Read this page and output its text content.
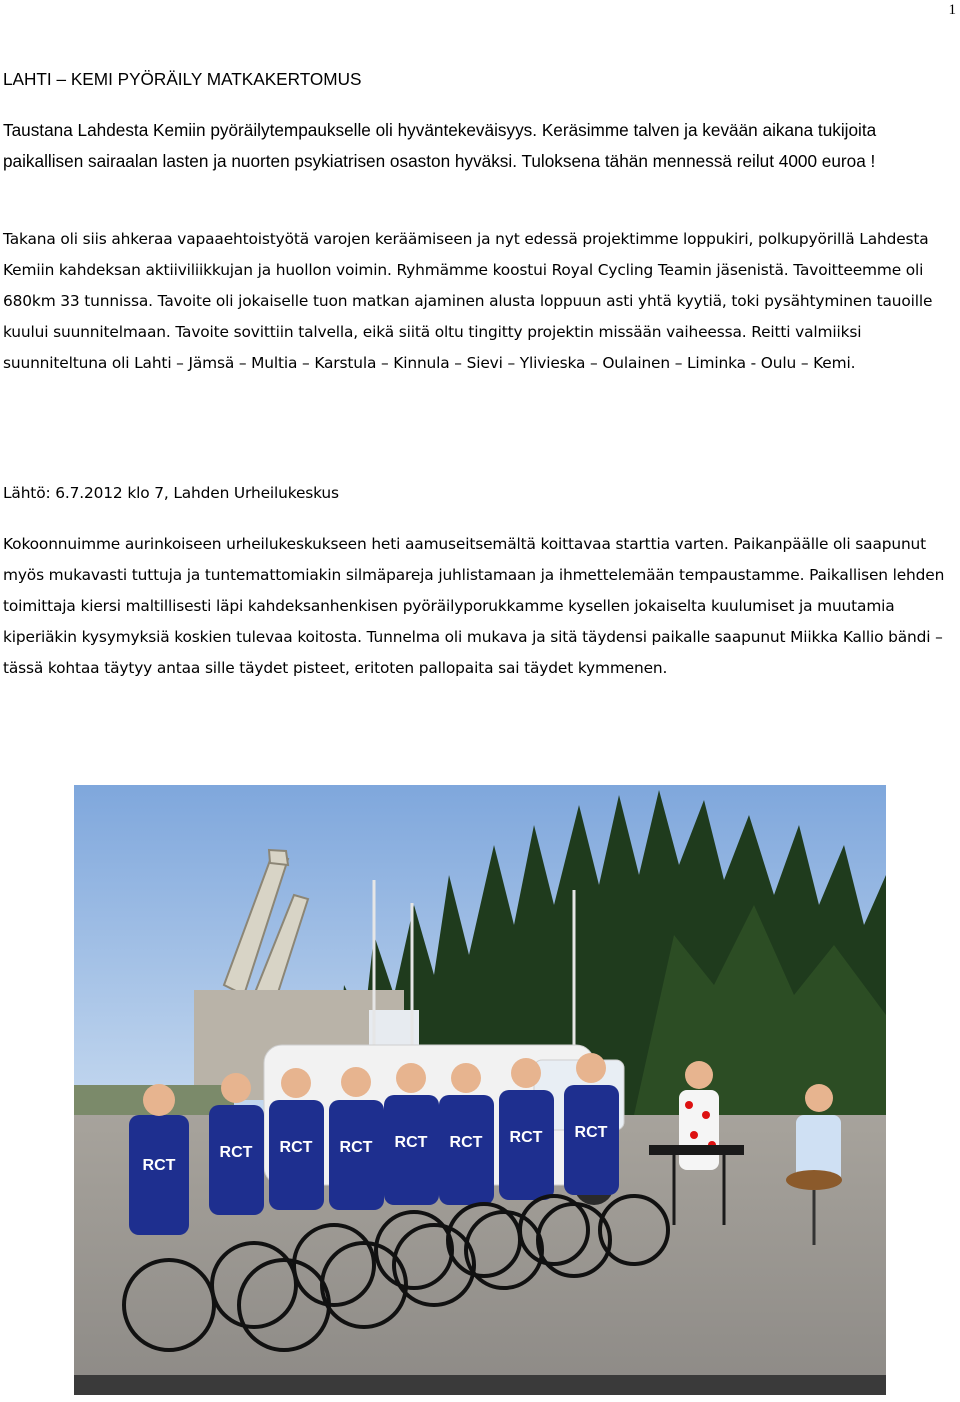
1

LAHTI – KEMI PYÖRÄILY MATKAKERTOMUS

Taustana Lahdesta Kemiin pyöräilytempaukselle oli hyväntekeväisyys. Keräsimme talven ja kevään aikana tukijoita paikallisen sairaalan lasten ja nuorten psykiatrisen osaston hyväksi. Tuloksena tähän mennessä reilut 4000 euroa !

Takana oli siis ahkeraa vapaaehtoistyötä varojen keräämiseen ja nyt edessä projektimme loppukiri, polkupyörillä Lahdesta Kemiin kahdeksan aktiiviliikkujan ja huollon voimin. Ryhmämme koostui Royal Cycling Teamin jäsenistä. Tavoitteemme oli 680km 33 tunnissa. Tavoite oli jokaiselle tuon matkan ajaminen alusta loppuun asti yhtä kyytiä, toki pysähtyminen tauoille kuului suunnitelmaan. Tavoite sovittiin talvella, eikä siitä oltu tingitty projektin missään vaiheessa. Reitti valmiiksi suunniteltuna oli Lahti – Jämsä – Multia – Karstula – Kinnula – Sievi – Ylivieska – Oulainen – Liminka - Oulu – Kemi.

Lähtö: 6.7.2012 klo 7, Lahden Urheilukeskus

Kokoonnuimme aurinkoiseen urheilukeskukseen heti aamuseitsemältä koittavaa starttia varten. Paikanpäälle oli saapunut myös mukavasti tuttuja ja tuntemattomiakin silmäpareja juhlistamaan ja ihmettelemään tempaustamme. Paikallisen lehden toimittaja kiersi maltillisesti läpi kahdeksanhenkisen pyöräilyporukkamme kysellen jokaiselta kuulumiset ja muutamia kiperiäkin kysymyksiä koskien tulevaa koitosta. Tunnelma oli mukava ja sitä täydensi paikalle saapunut Miikka Kallio bändi – tässä kohtaa täytyy antaa sille täydet pisteet, eritoten pallopaita sai täydet kymmenen.

RCT
RCT RCT RCT RCT RCT RCT RCT
